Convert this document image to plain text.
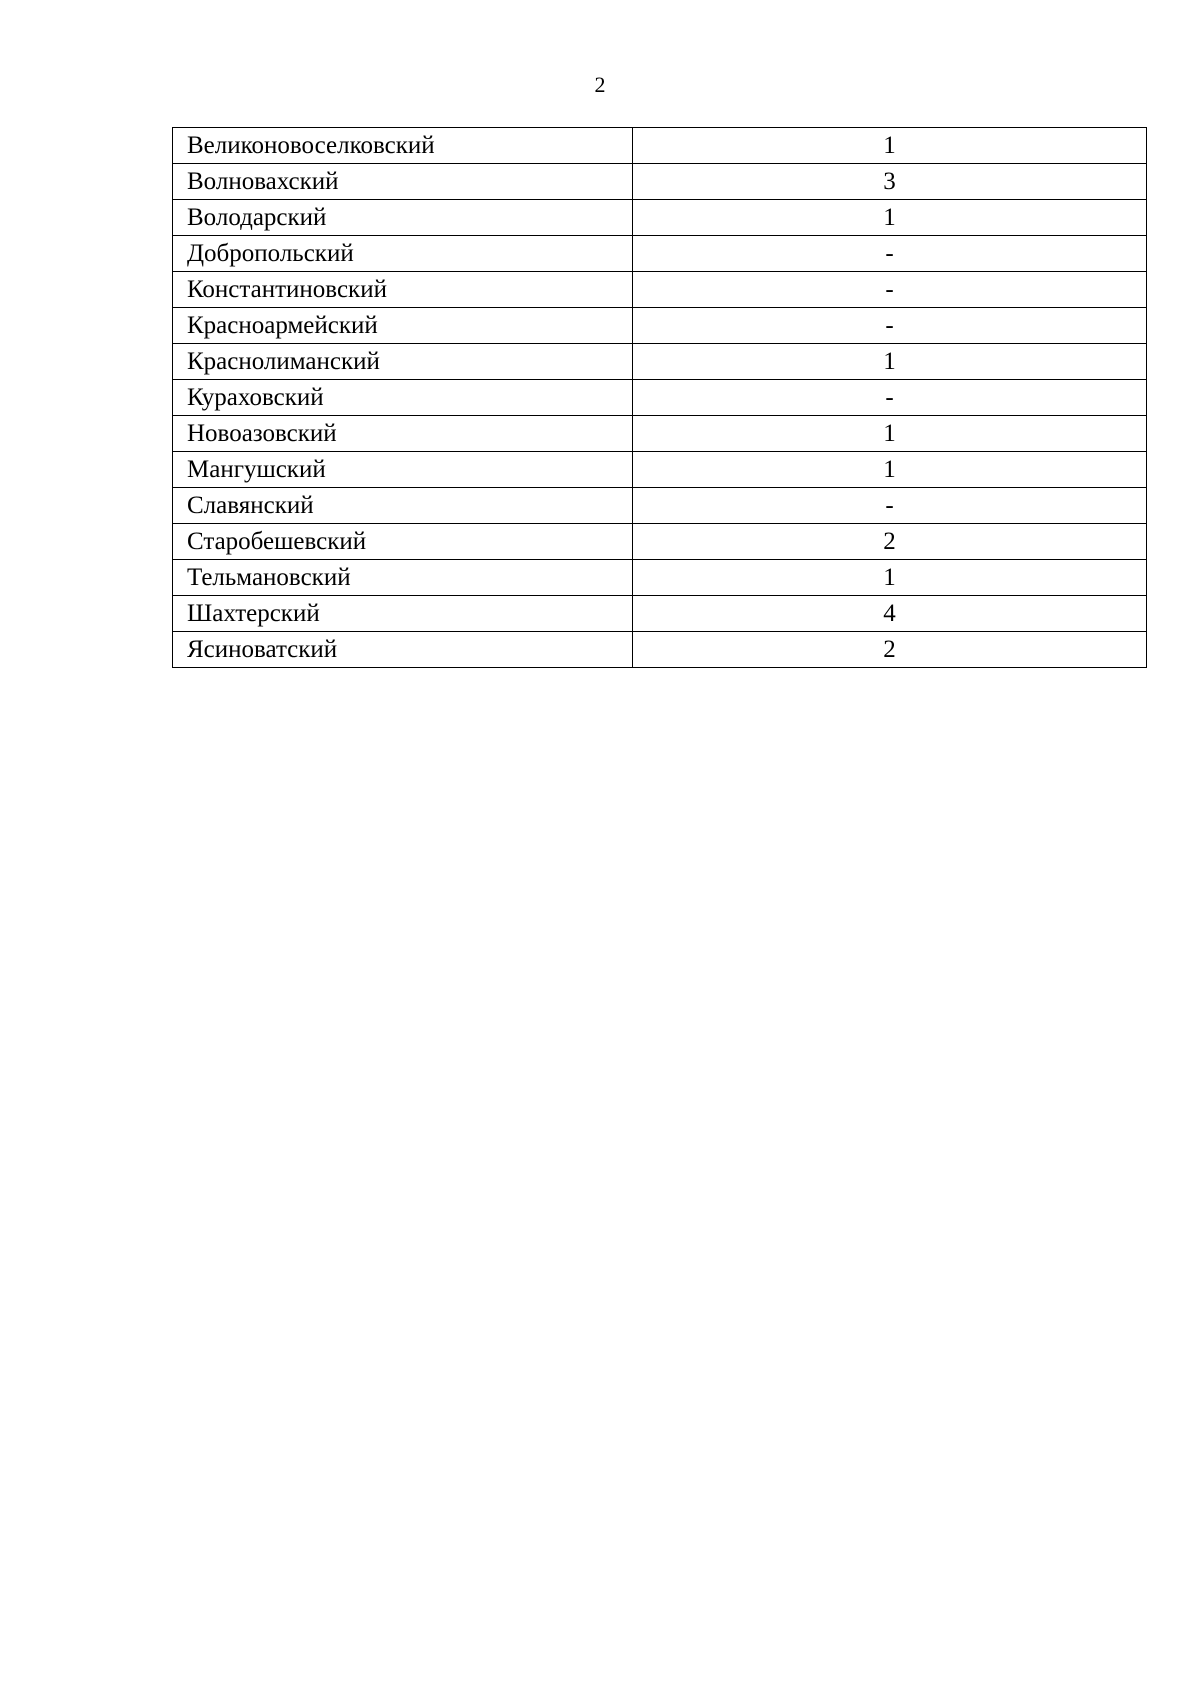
2
Великоновоселковский	1
Волновахский	3
Володарский	1
Добропольский	-
Константиновский	-
Красноармейский	-
Краснолиманский	1
Кураховский	-
Новоазовский	1
Мангушский	1
Славянский	-
Старобешевский	2
Тельмановский	1
Шахтерский	4
Ясиноватский	2
